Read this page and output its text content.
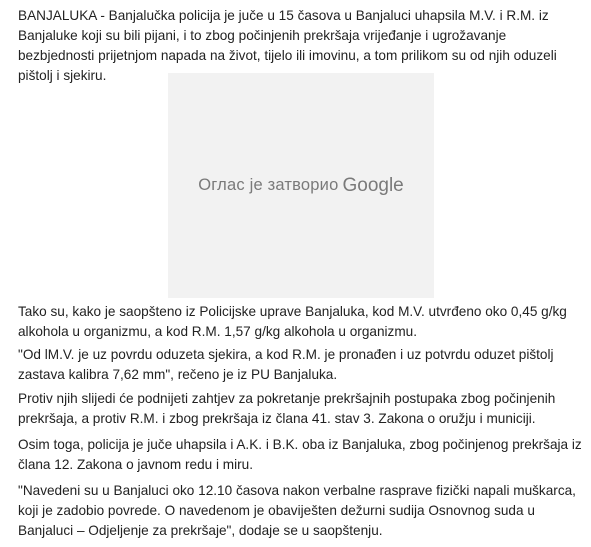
BANJALUKA - Banjalučka policija je juče u 15 časova u Banjaluci uhapsila M.V. i R.M. iz Banjaluke koji su bili pijani, i to zbog počinjenih prekršaja vrijeđanje i ugrožavanje bezbjednosti prijetnjom napada na život, tijelo ili imovinu, a tom prilikom su od njih oduzeli pištolj i sjekiru.

Оглас је затворио Google

Tako su, kako je saopšteno iz Policijske uprave Banjaluka, kod M.V. utvrđeno oko 0,45 g/kg alkohola u organizmu, a kod R.M. 1,57 g/kg alkohola u organizmu.

"Od lM.V. je uz povrdu oduzeta sjekira, a kod R.M. je pronađen i uz potvrdu oduzet pištolj zastava kalibra 7,62 mm", rečeno je iz PU Banjaluka.

Protiv njih slijedi će podnijeti zahtjev za pokretanje prekršajnih postupaka zbog počinjenih prekršaja, a protiv R.M. i zbog prekršaja iz člana 41. stav 3. Zakona o oružju i municiji.

Osim toga, policija je juče uhapsila i A.K. i B.K. oba iz Banjaluka, zbog počinjenog prekršaja iz člana 12. Zakona o javnom redu i miru.

"Navedeni su u Banjaluci oko 12.10 časova nakon verbalne rasprave fizički napali muškarca, koji je zadobio povrede. O navedenom je obaviješten dežurni sudija Osnovnog suda u Banjaluci – Odjeljenje za prekršaje", dodaje se u saopštenju.
